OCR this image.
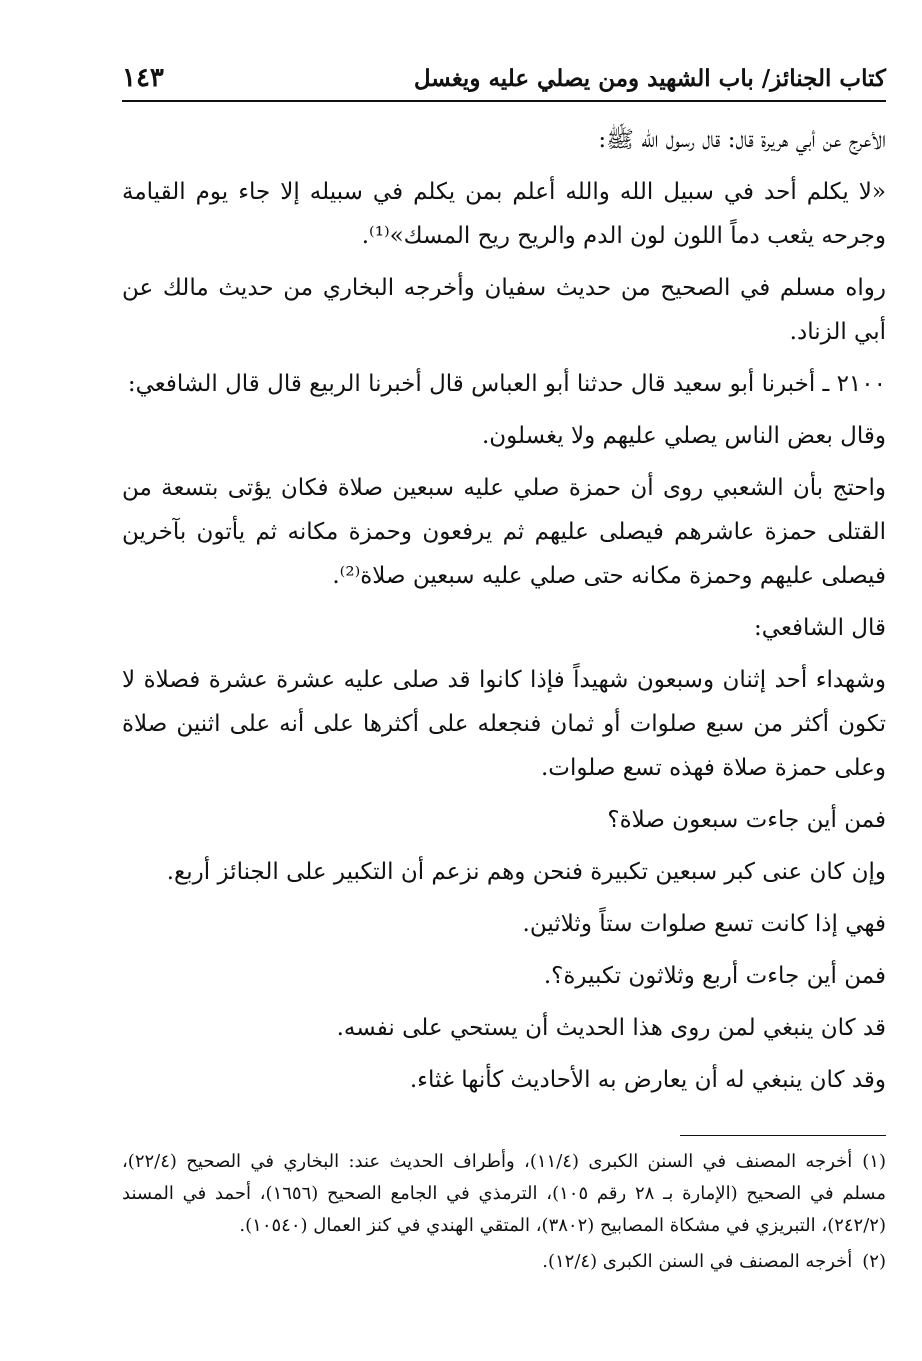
كتاب الجنائز/ باب الشهيد ومن يصلي عليه ويغسل
١٤٣

الأعرج عن أبي هريرة قال: قال رسول الله ﷺ:

«لا يكلم أحد في سبيل الله والله أعلم بمن يكلم في سبيله إلا جاء يوم القيامة وجرحه يثعب دماً اللون لون الدم والريح ريح المسك»⁽¹⁾.

رواه مسلم في الصحيح من حديث سفيان وأخرجه البخاري من حديث مالك عن أبي الزناد.

٢١٠٠ ـ أخبرنا أبو سعيد قال حدثنا أبو العباس قال أخبرنا الربيع قال قال الشافعي:

وقال بعض الناس يصلي عليهم ولا يغسلون.

واحتج بأن الشعبي روى أن حمزة صلي عليه سبعين صلاة فكان يؤتى بتسعة من القتلى حمزة عاشرهم فيصلى عليهم ثم يرفعون وحمزة مكانه ثم يأتون بآخرين فيصلى عليهم وحمزة مكانه حتى صلي عليه سبعين صلاة⁽²⁾.

قال الشافعي:

وشهداء أحد إثنان وسبعون شهيداً فإذا كانوا قد صلى عليه عشرة عشرة فصلاة لا تكون أكثر من سبع صلوات أو ثمان فنجعله على أكثرها على أنه على اثنين صلاة وعلى حمزة صلاة فهذه تسع صلوات.

فمن أين جاءت سبعون صلاة؟

وإن كان عنى كبر سبعين تكبيرة فنحن وهم نزعم أن التكبير على الجنائز أربع.

فهي إذا كانت تسع صلوات ستاً وثلاثين.

فمن أين جاءت أربع وثلاثون تكبيرة؟.

قد كان ينبغي لمن روى هذا الحديث أن يستحي على نفسه.

وقد كان ينبغي له أن يعارض به الأحاديث كأنها غثاء.

(١)أخرجه المصنف في السنن الكبرى (١١/٤)، وأطراف الحديث عند: البخاري في الصحيح (٢٢/٤)، مسلم في الصحيح (الإمارة بـ ٢٨ رقم ١٠٥)، الترمذي في الجامع الصحيح (١٦٥٦)، أحمد في المسند (٢٤٢/٢)، التبريزي في مشكاة المصابيح (٣٨٠٢)، المتقي الهندي في كنز العمال (١٠٥٤٠).

(٢)أخرجه المصنف في السنن الكبرى (١٢/٤).
